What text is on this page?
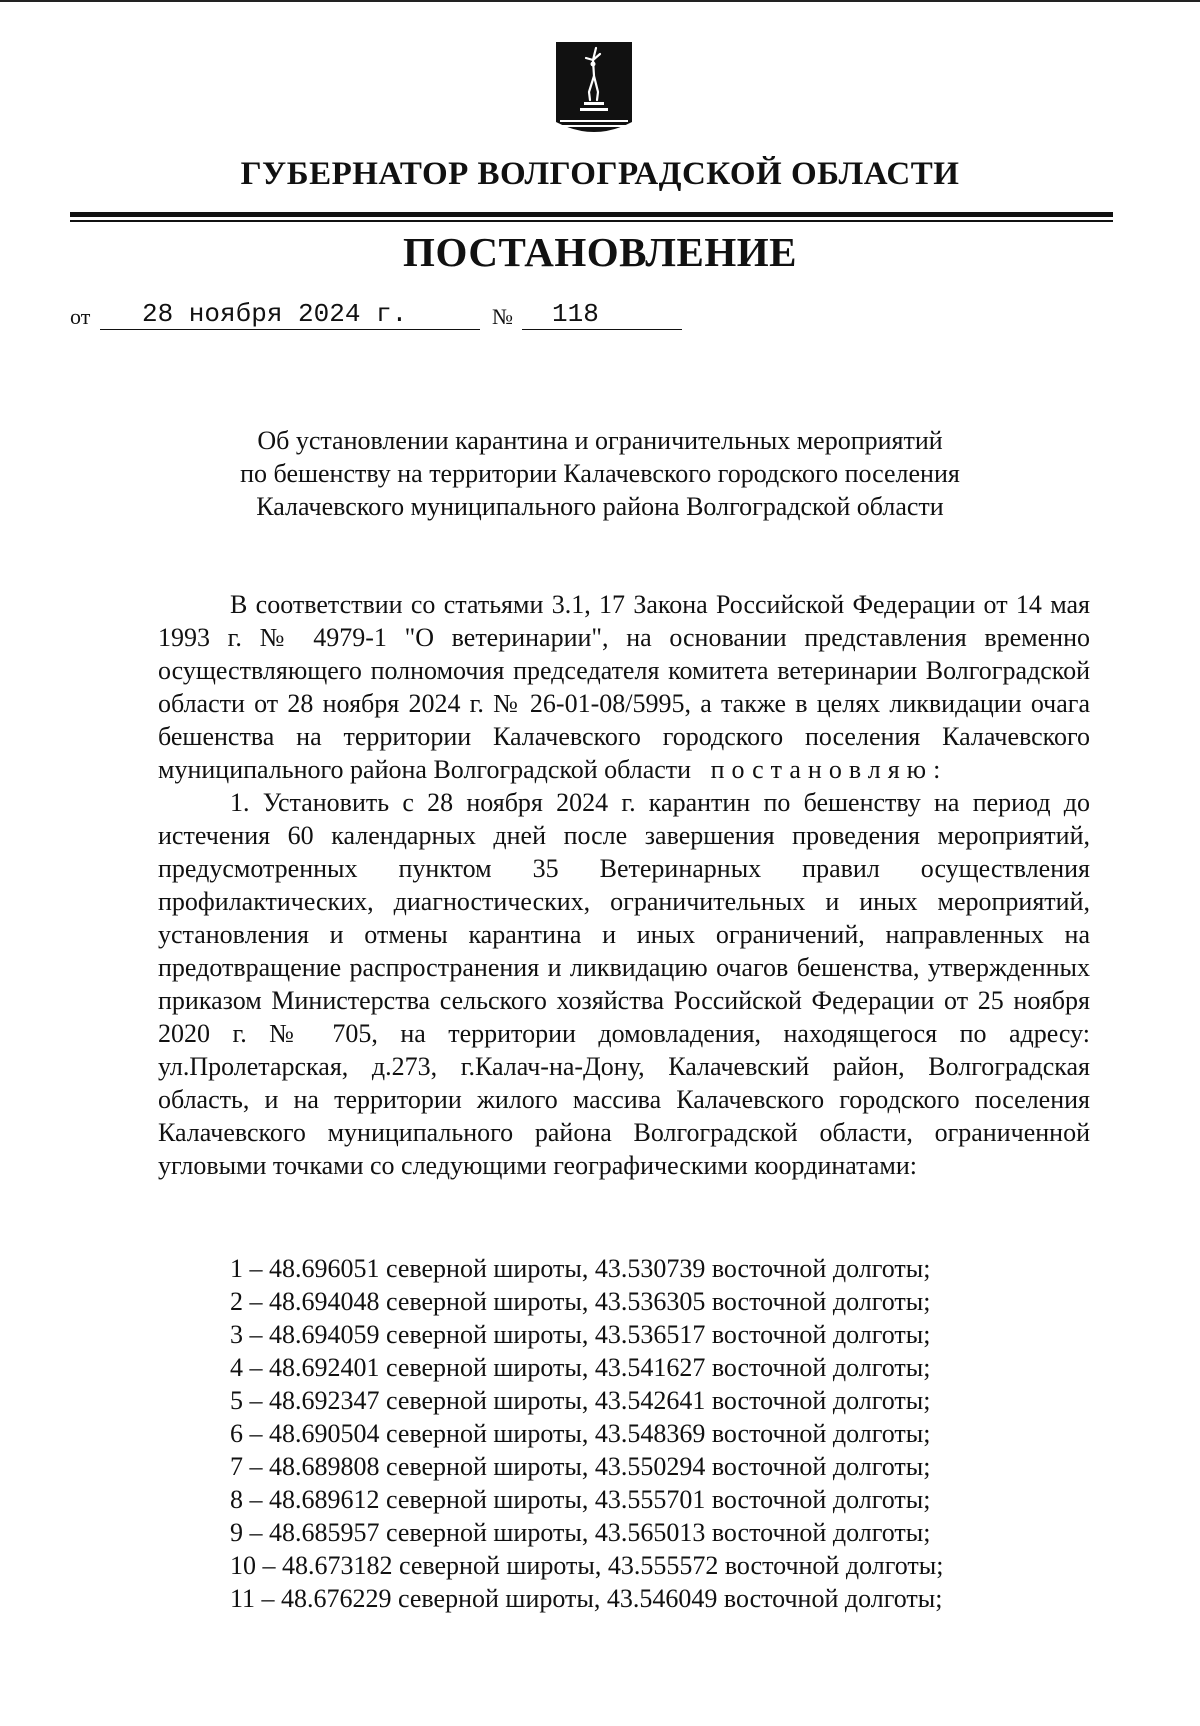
ГУБЕРНАТОР ВОЛГОГРАДСКОЙ ОБЛАСТИ
ПОСТАНОВЛЕНИЕ
от	28 ноября 2024 г.	№	118
Об установлении карантина и ограничительных мероприятий
по бешенству на территории Калачевского городского поселения
Калачевского муниципального района Волгоградской области

В соответствии со статьями 3.1, 17 Закона Российской Федерации от 14 мая 1993 г. № 4979-1 "О ветеринарии", на основании представления временно осуществляющего полномочия председателя комитета ветеринарии Волгоградской области от 28 ноября 2024 г. № 26-01-08/5995, а также в целях ликвидации очага бешенства на территории Калачевского городского поселения Калачевского муниципального района Волгоградской области постановляю:

1. Установить с 28 ноября 2024 г. карантин по бешенству на период до истечения 60 календарных дней после завершения проведения мероприятий, предусмотренных пунктом 35 Ветеринарных правил осуществления профилактических, диагностических, ограничительных и иных мероприятий, установления и отмены карантина и иных ограничений, направленных на предотвращение распространения и ликвидацию очагов бешенства, утвержденных приказом Министерства сельского хозяйства Российской Федерации от 25 ноября 2020 г. № 705, на территории домовладения, находящегося по адресу: ул.Пролетарская, д.273, г.Калач-на-Дону, Калачевский район, Волгоградская область, и на территории жилого массива Калачевского городского поселения Калачевского муниципального района Волгоградской области, ограниченной угловыми точками со следующими географическими координатами:

1 – 48.696051 северной широты, 43.530739 восточной долготы;
2 – 48.694048 северной широты, 43.536305 восточной долготы;
3 – 48.694059 северной широты, 43.536517 восточной долготы;
4 – 48.692401 северной широты, 43.541627 восточной долготы;
5 – 48.692347 северной широты, 43.542641 восточной долготы;
6 – 48.690504 северной широты, 43.548369 восточной долготы;
7 – 48.689808 северной широты, 43.550294 восточной долготы;
8 – 48.689612 северной широты, 43.555701 восточной долготы;
9 – 48.685957 северной широты, 43.565013 восточной долготы;
10 – 48.673182 северной широты, 43.555572 восточной долготы;
11 – 48.676229 северной широты, 43.546049 восточной долготы;
